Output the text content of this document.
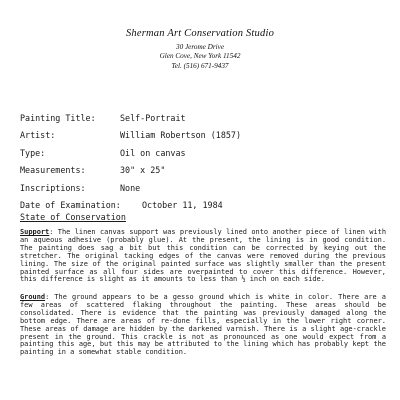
Sherman Art Conservation Studio
30 Jerome Drive
Glen Cove, New York 11542
Tel. (516) 671-9437
Painting Title:	Self-Portrait
Artist:	William Robertson (1857)
Type:	Oil on canvas
Measurements:	30" x 25"
Inscriptions:	None
Date of Examination:	October 11, 1984
State of Conservation
Support: The linen canvas support was previously lined onto another piece of linen with an aqueous adhesive (probably glue). At the present, the lining is in good condition. The painting does sag a bit but this condition can be corrected by keying out the stretcher. The original tacking edges of the canvas were removed during the previous lining. The size of the original painted surface was slightly smaller than the present painted surface as all four sides are overpainted to cover this difference. However, this difference is slight as it amounts to less than ½ inch on each side.
Ground: The ground appears to be a gesso ground which is white in color. There are a few areas of scattered flaking throughout the painting. These areas should be consolidated. There is evidence that the painting was previously damaged along the bottom edge. There are areas of re-done fills, especially in the lower right corner. These areas of damage are hidden by the darkened varnish. There is a slight age-crackle present in the ground. This crackle is not as pronounced as one would expect from a painting this age, but this may be attributed to the lining which has probably kept the painting in a somewhat stable condition.
